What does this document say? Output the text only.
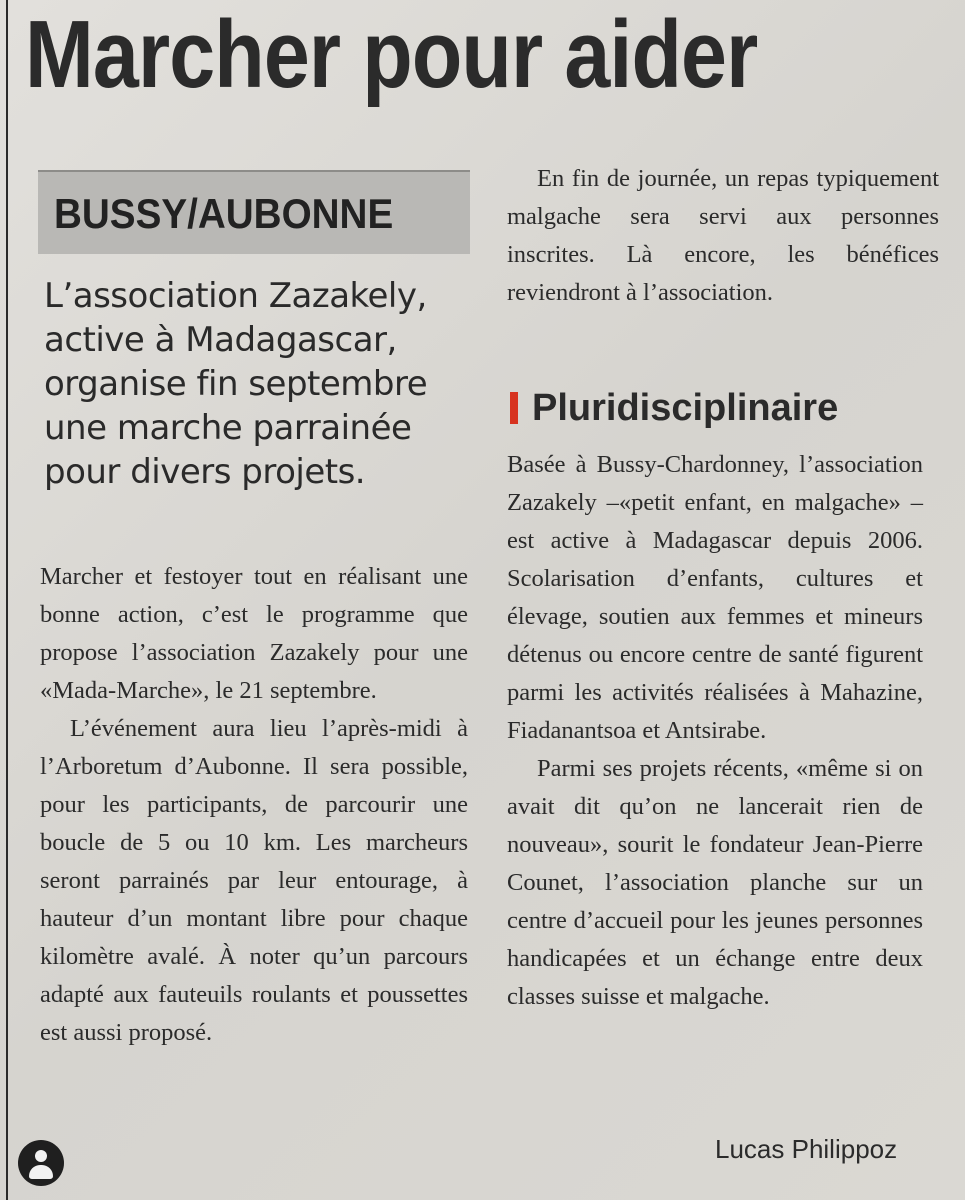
Marcher pour aider
BUSSY/AUBONNE
L’association Zazakely,
active à Madagascar,
organise fin septembre
une marche parrainée
pour divers projets.

Marcher et festoyer tout en réalisant une bonne action, c’est le programme que propose l’association Zazakely pour une «Mada-Marche», le 21 septembre.

L’événement aura lieu l’après-midi à l’Arboretum d’Aubonne. Il sera possible, pour les participants, de parcourir une boucle de 5 ou 10 km. Les marcheurs seront parrainés par leur entourage, à hauteur d’un montant libre pour chaque kilomètre avalé. À noter qu’un parcours adapté aux fauteuils roulants et poussettes est aussi proposé.

En fin de journée, un repas typiquement malgache sera servi aux personnes inscrites. Là encore, les bénéfices reviendront à l’association.

Pluridisciplinaire

Basée à Bussy-Chardonney, l’association Zazakely –«petit enfant, en malgache» – est active à Madagascar depuis 2006. Scolarisation d’enfants, cultures et élevage, soutien aux femmes et mineurs détenus ou encore centre de santé figurent parmi les activités réalisées à Mahazine, Fiadanantsoa et Antsirabe.

Parmi ses projets récents, «même si on avait dit qu’on ne lancerait rien de nouveau», sourit le fondateur Jean-Pierre Counet, l’association planche sur un centre d’accueil pour les jeunes personnes handicapées et un échange entre deux classes suisse et malgache.

Lucas Philippoz
